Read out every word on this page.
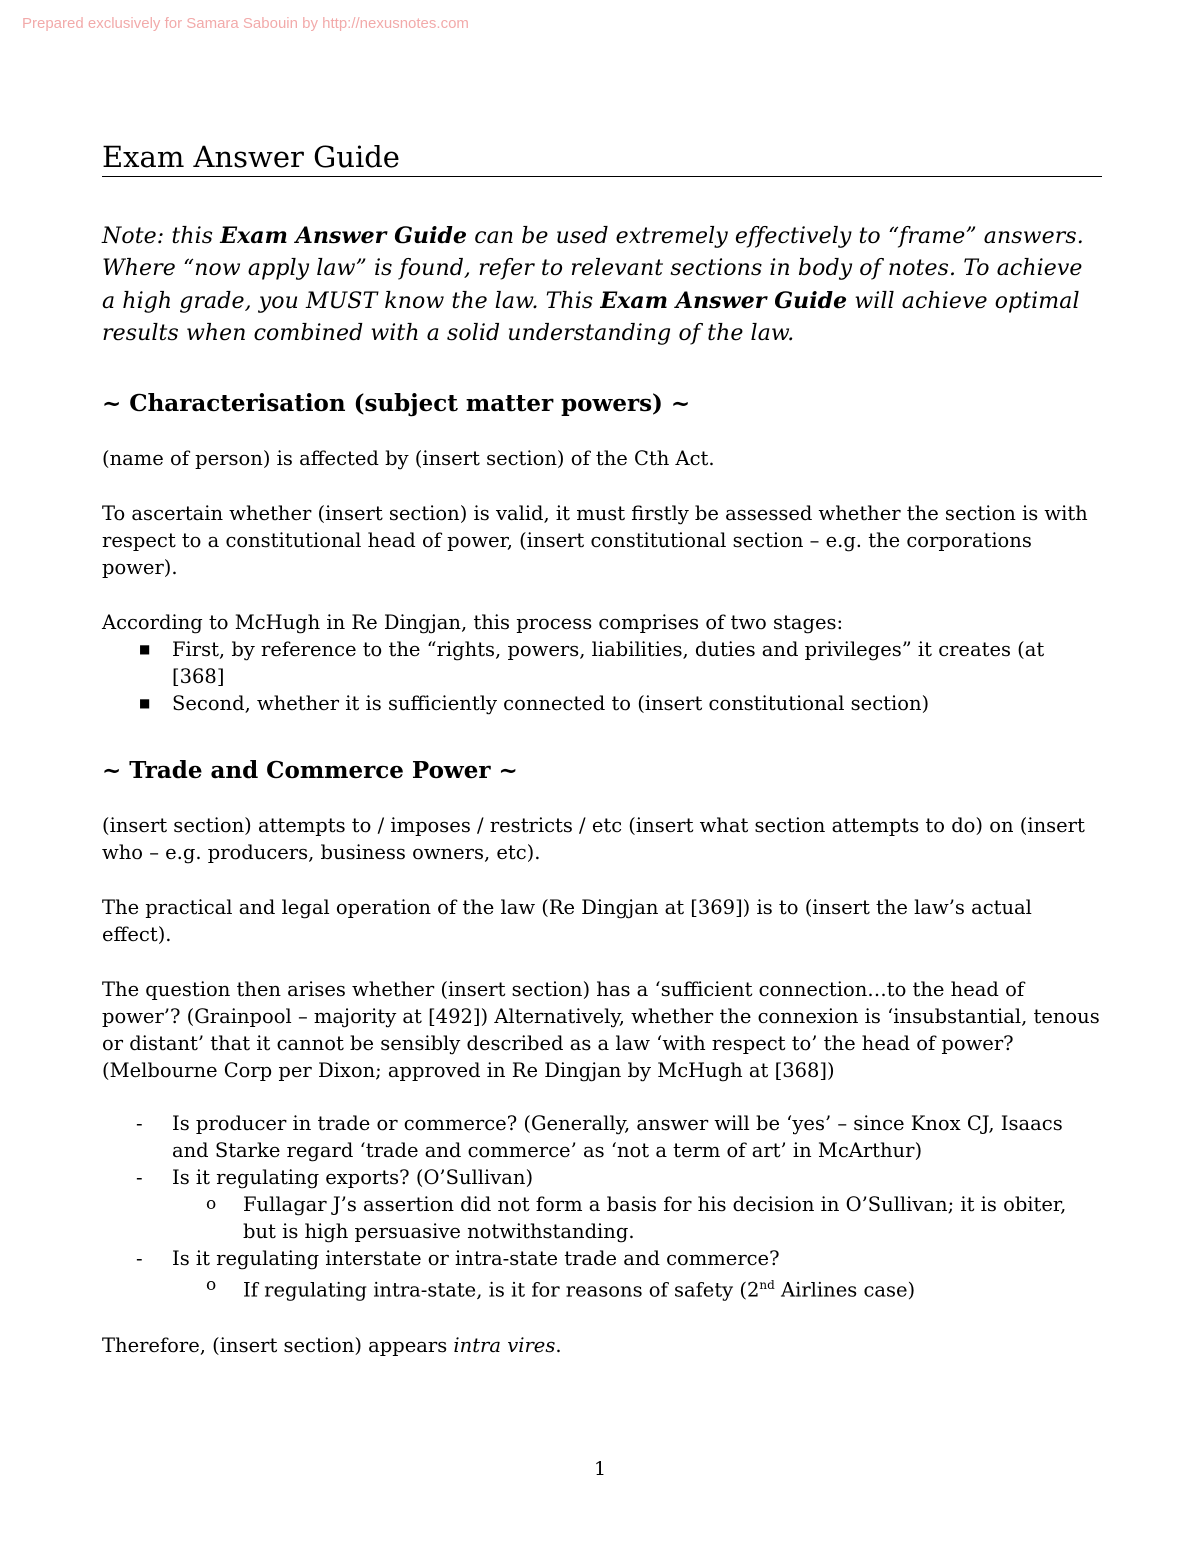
Prepared exclusively for Samara Sabouin by http://nexusnotes.com
Exam Answer Guide
Note: this Exam Answer Guide can be used extremely effectively to “frame” answers. Where “now apply law” is found, refer to relevant sections in body of notes. To achieve a high grade, you MUST know the law. This Exam Answer Guide will achieve optimal results when combined with a solid understanding of the law.
~ Characterisation (subject matter powers) ~

(name of person) is affected by (insert section) of the Cth Act.

To ascertain whether (insert section) is valid, it must firstly be assessed whether the section is with respect to a constitutional head of power, (insert constitutional section – e.g. the corporations power).

According to McHugh in Re Dingjan, this process comprises of two stages:

■ First, by reference to the “rights, powers, liabilities, duties and privileges” it creates (at [368]
■ Second, whether it is sufficiently connected to (insert constitutional section)
~ Trade and Commerce Power ~

(insert section) attempts to / imposes / restricts / etc (insert what section attempts to do) on (insert who – e.g. producers, business owners, etc).

The practical and legal operation of the law (Re Dingjan at [369]) is to (insert the law’s actual effect).

The question then arises whether (insert section) has a ‘sufficient connection…to the head of power’? (Grainpool – majority at [492]) Alternatively, whether the connexion is ‘insubstantial, tenous or distant’ that it cannot be sensibly described as a law ‘with respect to’ the head of power? (Melbourne Corp per Dixon; approved in Re Dingjan by McHugh at [368])

- Is producer in trade or commerce? (Generally, answer will be ‘yes’ – since Knox CJ, Isaacs and Starke regard ‘trade and commerce’ as ‘not a term of art’ in McArthur)
- Is it regulating exports? (O’Sullivan)
o Fullagar J’s assertion did not form a basis for his decision in O’Sullivan; it is obiter, but is high persuasive notwithstanding.
- Is it regulating interstate or intra-state trade and commerce?
o If regulating intra-state, is it for reasons of safety (2nd Airlines case)

Therefore, (insert section) appears intra vires.

1
